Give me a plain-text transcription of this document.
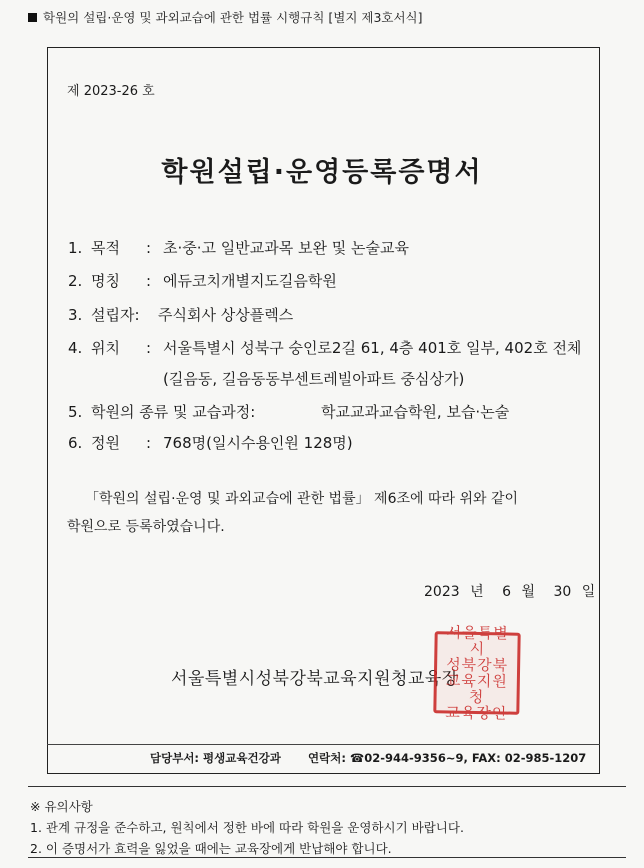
학원의 설립·운영 및 과외교습에 관한 법률 시행규칙 [별지 제3호서식]
제 2023-26 호
학원설립·운영등록증명서
1. 목적 : 초·중·고 일반교과목 보완 및 논술교육
2. 명칭 : 에듀코치개별지도길음학원
3. 설립자: 주식회사 상상플렉스
4. 위치 : 서울특별시 성북구 숭인로2길 61, 4층 401호 일부, 402호 전체
(길음동, 길음동동부센트레빌아파트 중심상가)
5. 학원의 종류 및 교습과정:	학교교과교습학원, 보습·논술
6. 정원 : 768명(일시수용인원 128명)
「학원의 설립·운영 및 과외교습에 관한 법률」 제6조에 따라 위와 같이
학원으로 등록하였습니다.
2023 년 6 월 30 일
서울특별시성북강북교육지원청교육장
서울특별시
성북강북
교육지원청
교육장인
담당부서: 평생교육건강과 연락처: ☎02-944-9356~9, FAX: 02-985-1207
※ 유의사항
1. 관계 규정을 준수하고, 원칙에서 정한 바에 따라 학원을 운영하시기 바랍니다.
2. 이 증명서가 효력을 잃었을 때에는 교육장에게 반납해야 합니다.
